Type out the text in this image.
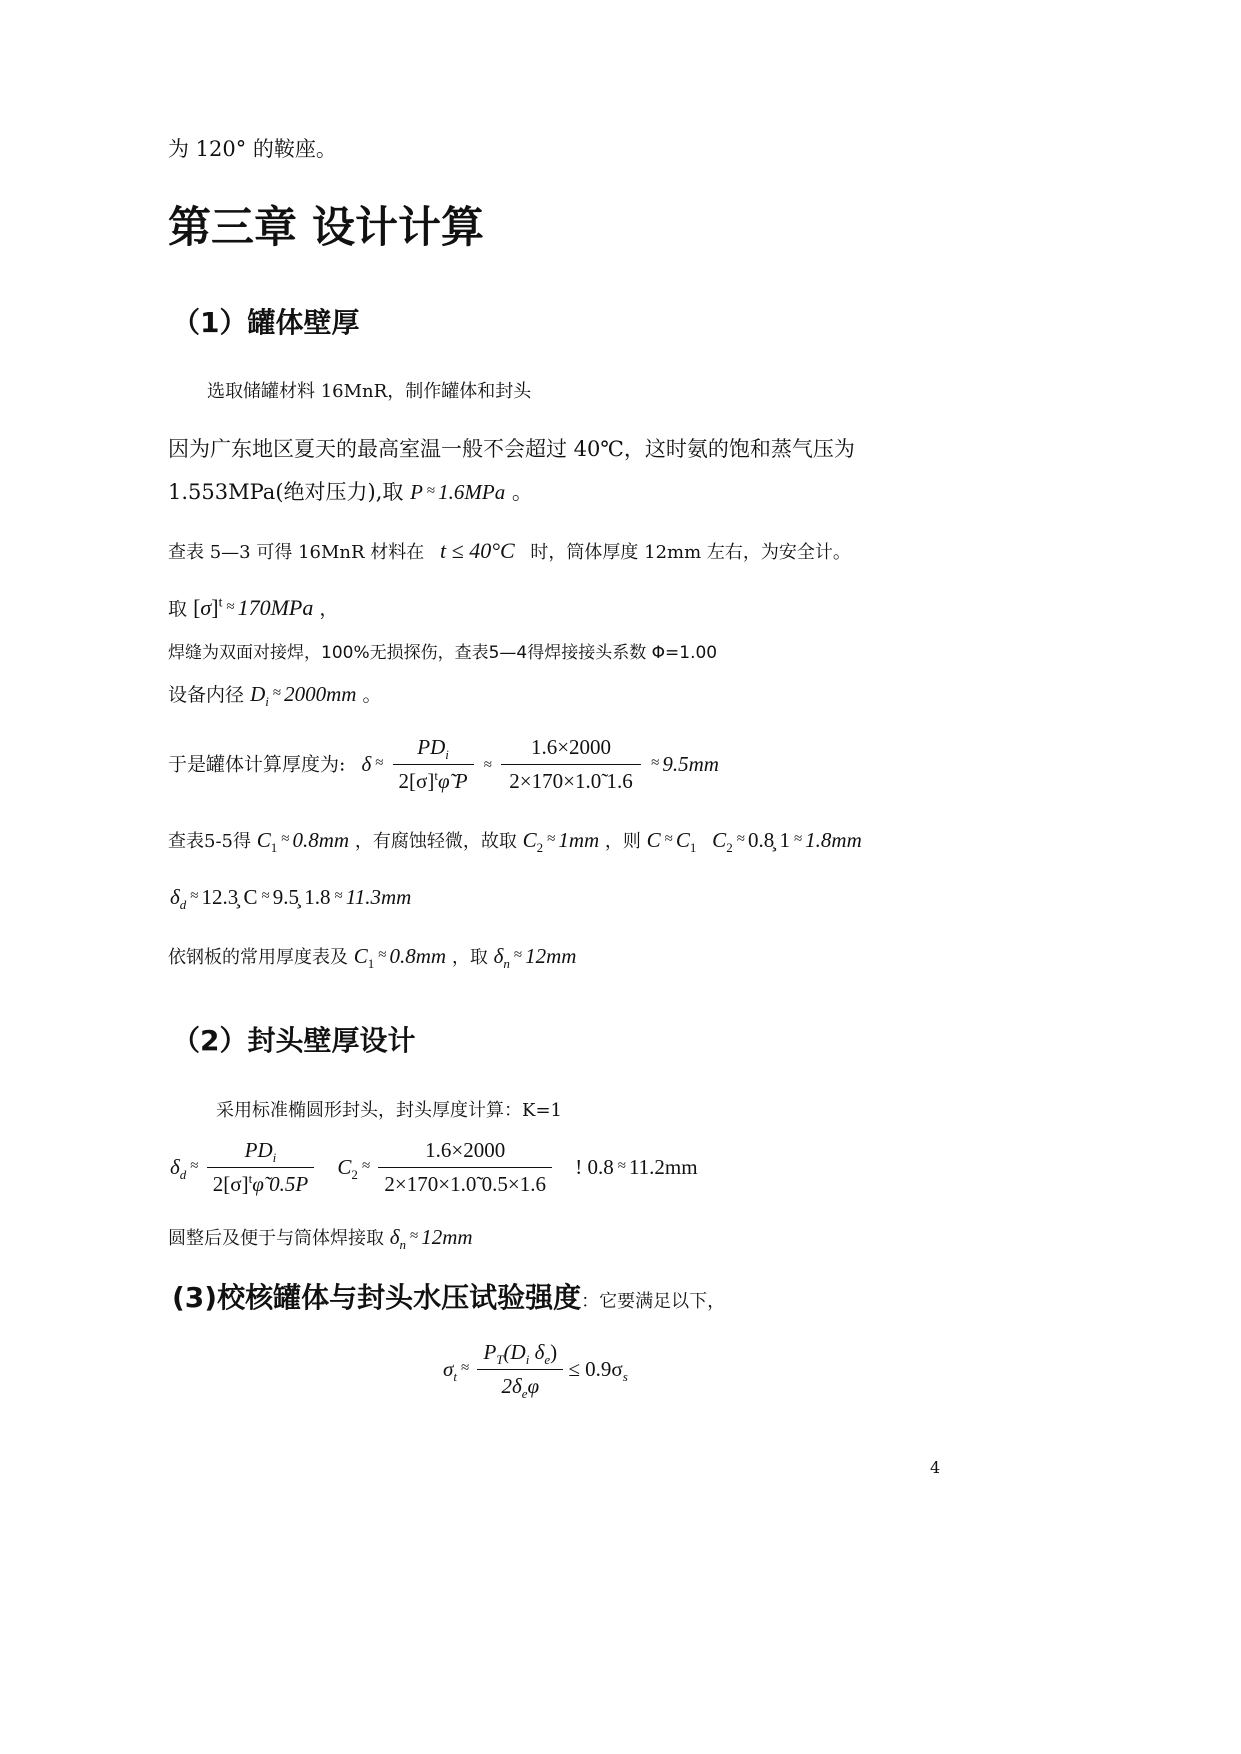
为 120° 的鞍座。
第三章 设计计算
（1）罐体壁厚
选取储罐材料 16MnR，制作罐体和封头
因为广东地区夏天的最高室温一般不会超过 40℃，这时氨的饱和蒸气压为
1.553MPa(绝对压力),取 P ≈ 1.6MPa 。
查表 5—3 可得 16MnR 材料在 t ≤ 40°C 时，筒体厚度 12mm 左右，为安全计。
取 $[\sigma]^t \approx 170MPa$ ，
焊缝为双面对接焊，100%无损探伤，查表5—4得焊接接头系数 Φ=1.00
设备内径 $D_i\approx 2000mm$ 。
于是罐体计算厚度为: $\delta \approx \frac{PD_i}{2[\sigma]^t\varphĩ P} \approx \frac{1.6\times 2000}{2\times 170\times 1.0̃ 1.6} \approx 9.5mm$
查表5-5得 $C_1\approx 0.8mm$ ，有腐蚀轻微，故取 $C_2\approx 1mm$ ，则 $C \approx C_1$ $C_2\approx$ 0.8̧ 1 ≈ 1.8mm
$\delta_d\approx$ 12.3̧ C ≈ 9.5̧ 1.8 ≈ 11.3mm
依钢板的常用厚度表及 $C_1\approx 0.8mm$ ，取 $\delta_n\approx 12mm$
（2）封头壁厚设计
采用标准椭圆形封头，封头厚度计算：K=1
$\delta_d\approx \frac{PD_i}{2[\sigma]^t\varphĩ 0.5P} C_2\approx \frac{1.6\times 2000}{2\times 170\times 1.0̃ 0.5\times 1.6}$ ! 0.8 ≈ 11.2mm
圆整后及便于与筒体焊接取 $\delta_n\approx 12mm$
(3)校核罐体与封头水压试验强度：它要满足以下，
$\sigma_t\approx \frac{P_T(D_i \delta_e)}{2\delta_e\varphi} \le 0.9\sigma_s$
4
